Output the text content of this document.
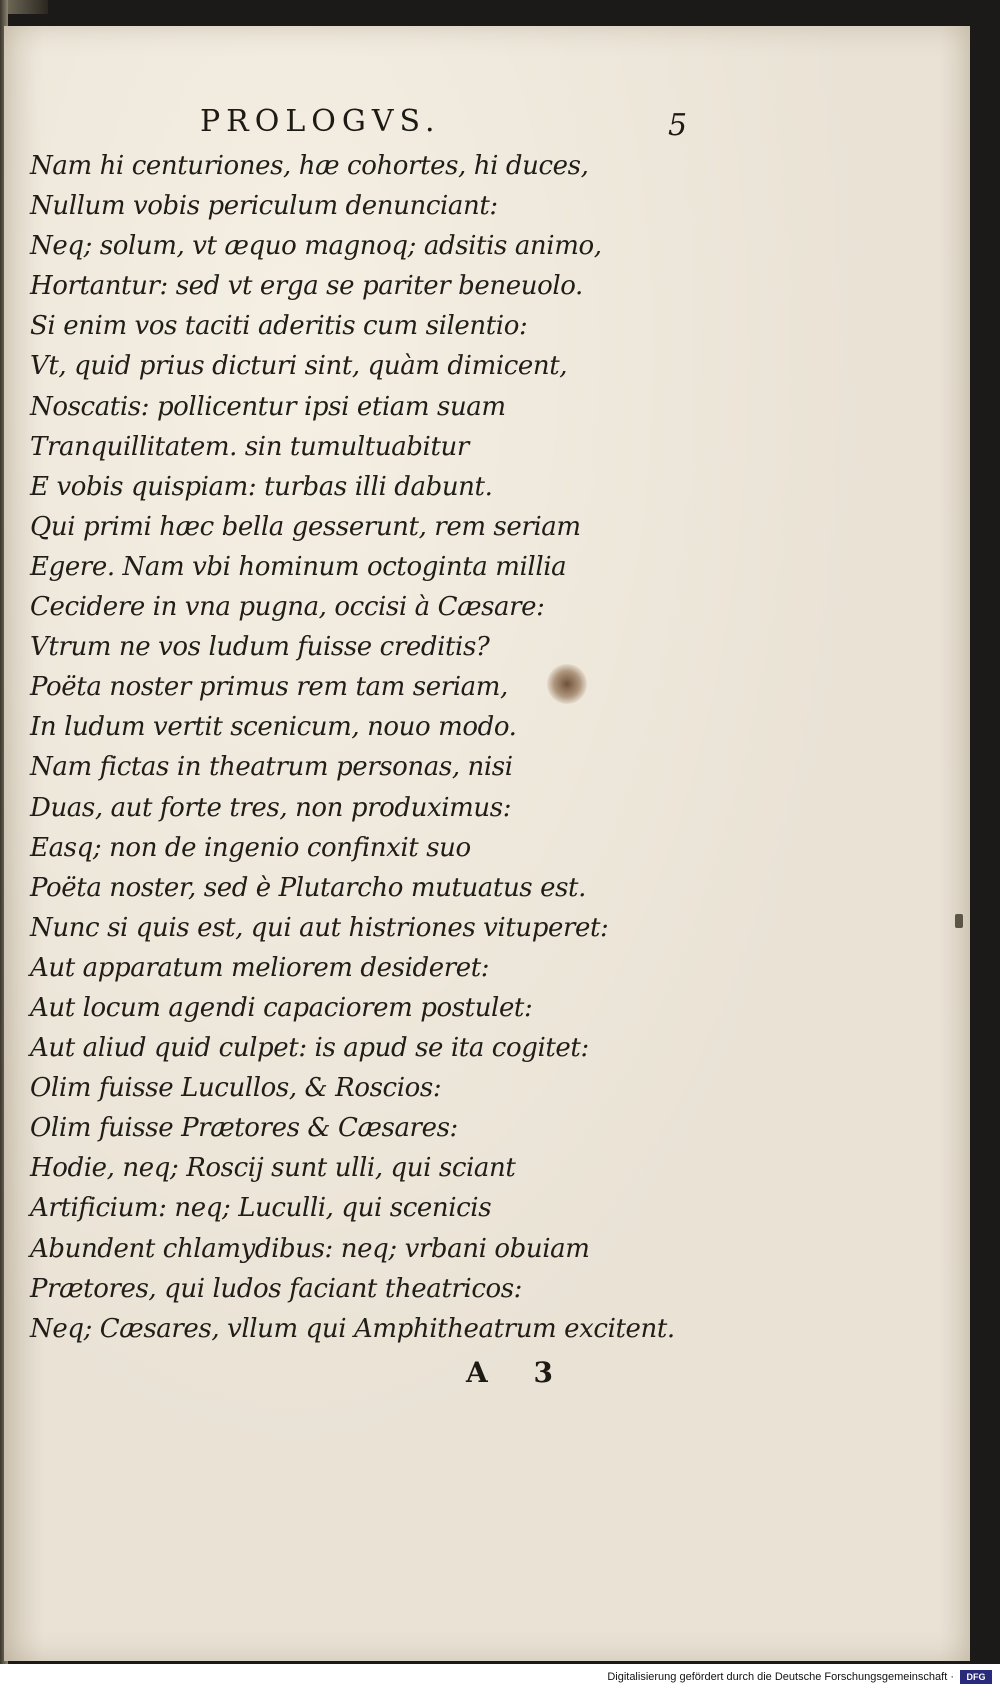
PROLOGVS.	5
Nam hi centuriones, hæ cohortes, hi duces,
Nullum vobis periculum denunciant:
Neq; solum, vt æquo magnoq; adsitis animo,
Hortantur: sed vt erga se pariter beneuolo.
Si enim vos taciti aderitis cum silentio:
Vt, quid prius dicturi sint, quàm dimicent,
Noscatis: pollicentur ipsi etiam suam
Tranquillitatem. sin tumultuabitur
E vobis quispiam: turbas illi dabunt.
Qui primi hæc bella gesserunt, rem seriam
Egere. Nam vbi hominum octoginta millia
Cecidere in vna pugna, occisi à Cæsare:
Vtrum ne vos ludum fuisse creditis?
Poëta noster primus rem tam seriam,
In ludum vertit scenicum, nouo modo.
Nam fictas in theatrum personas, nisi
Duas, aut forte tres, non produximus:
Easq; non de ingenio confinxit suo
Poëta noster, sed è Plutarcho mutuatus est.
Nunc si quis est, qui aut histriones vituperet:
Aut apparatum meliorem desideret:
Aut locum agendi capaciorem postulet:
Aut aliud quid culpet: is apud se ita cogitet:
Olim fuisse Lucullos, & Roscios:
Olim fuisse Prætores & Cæsares:
Hodie, neq; Roscij sunt ulli, qui sciant
Artificium: neq; Luculli, qui scenicis
Abundent chlamydibus: neq; vrbani obuiam
Prætores, qui ludos faciant theatricos:
Neq; Cæsares, vllum qui Amphitheatrum excitent.
A 3
Digitalisierung gefördert durch die Deutsche Forschungsgemeinschaft ·	DFG
